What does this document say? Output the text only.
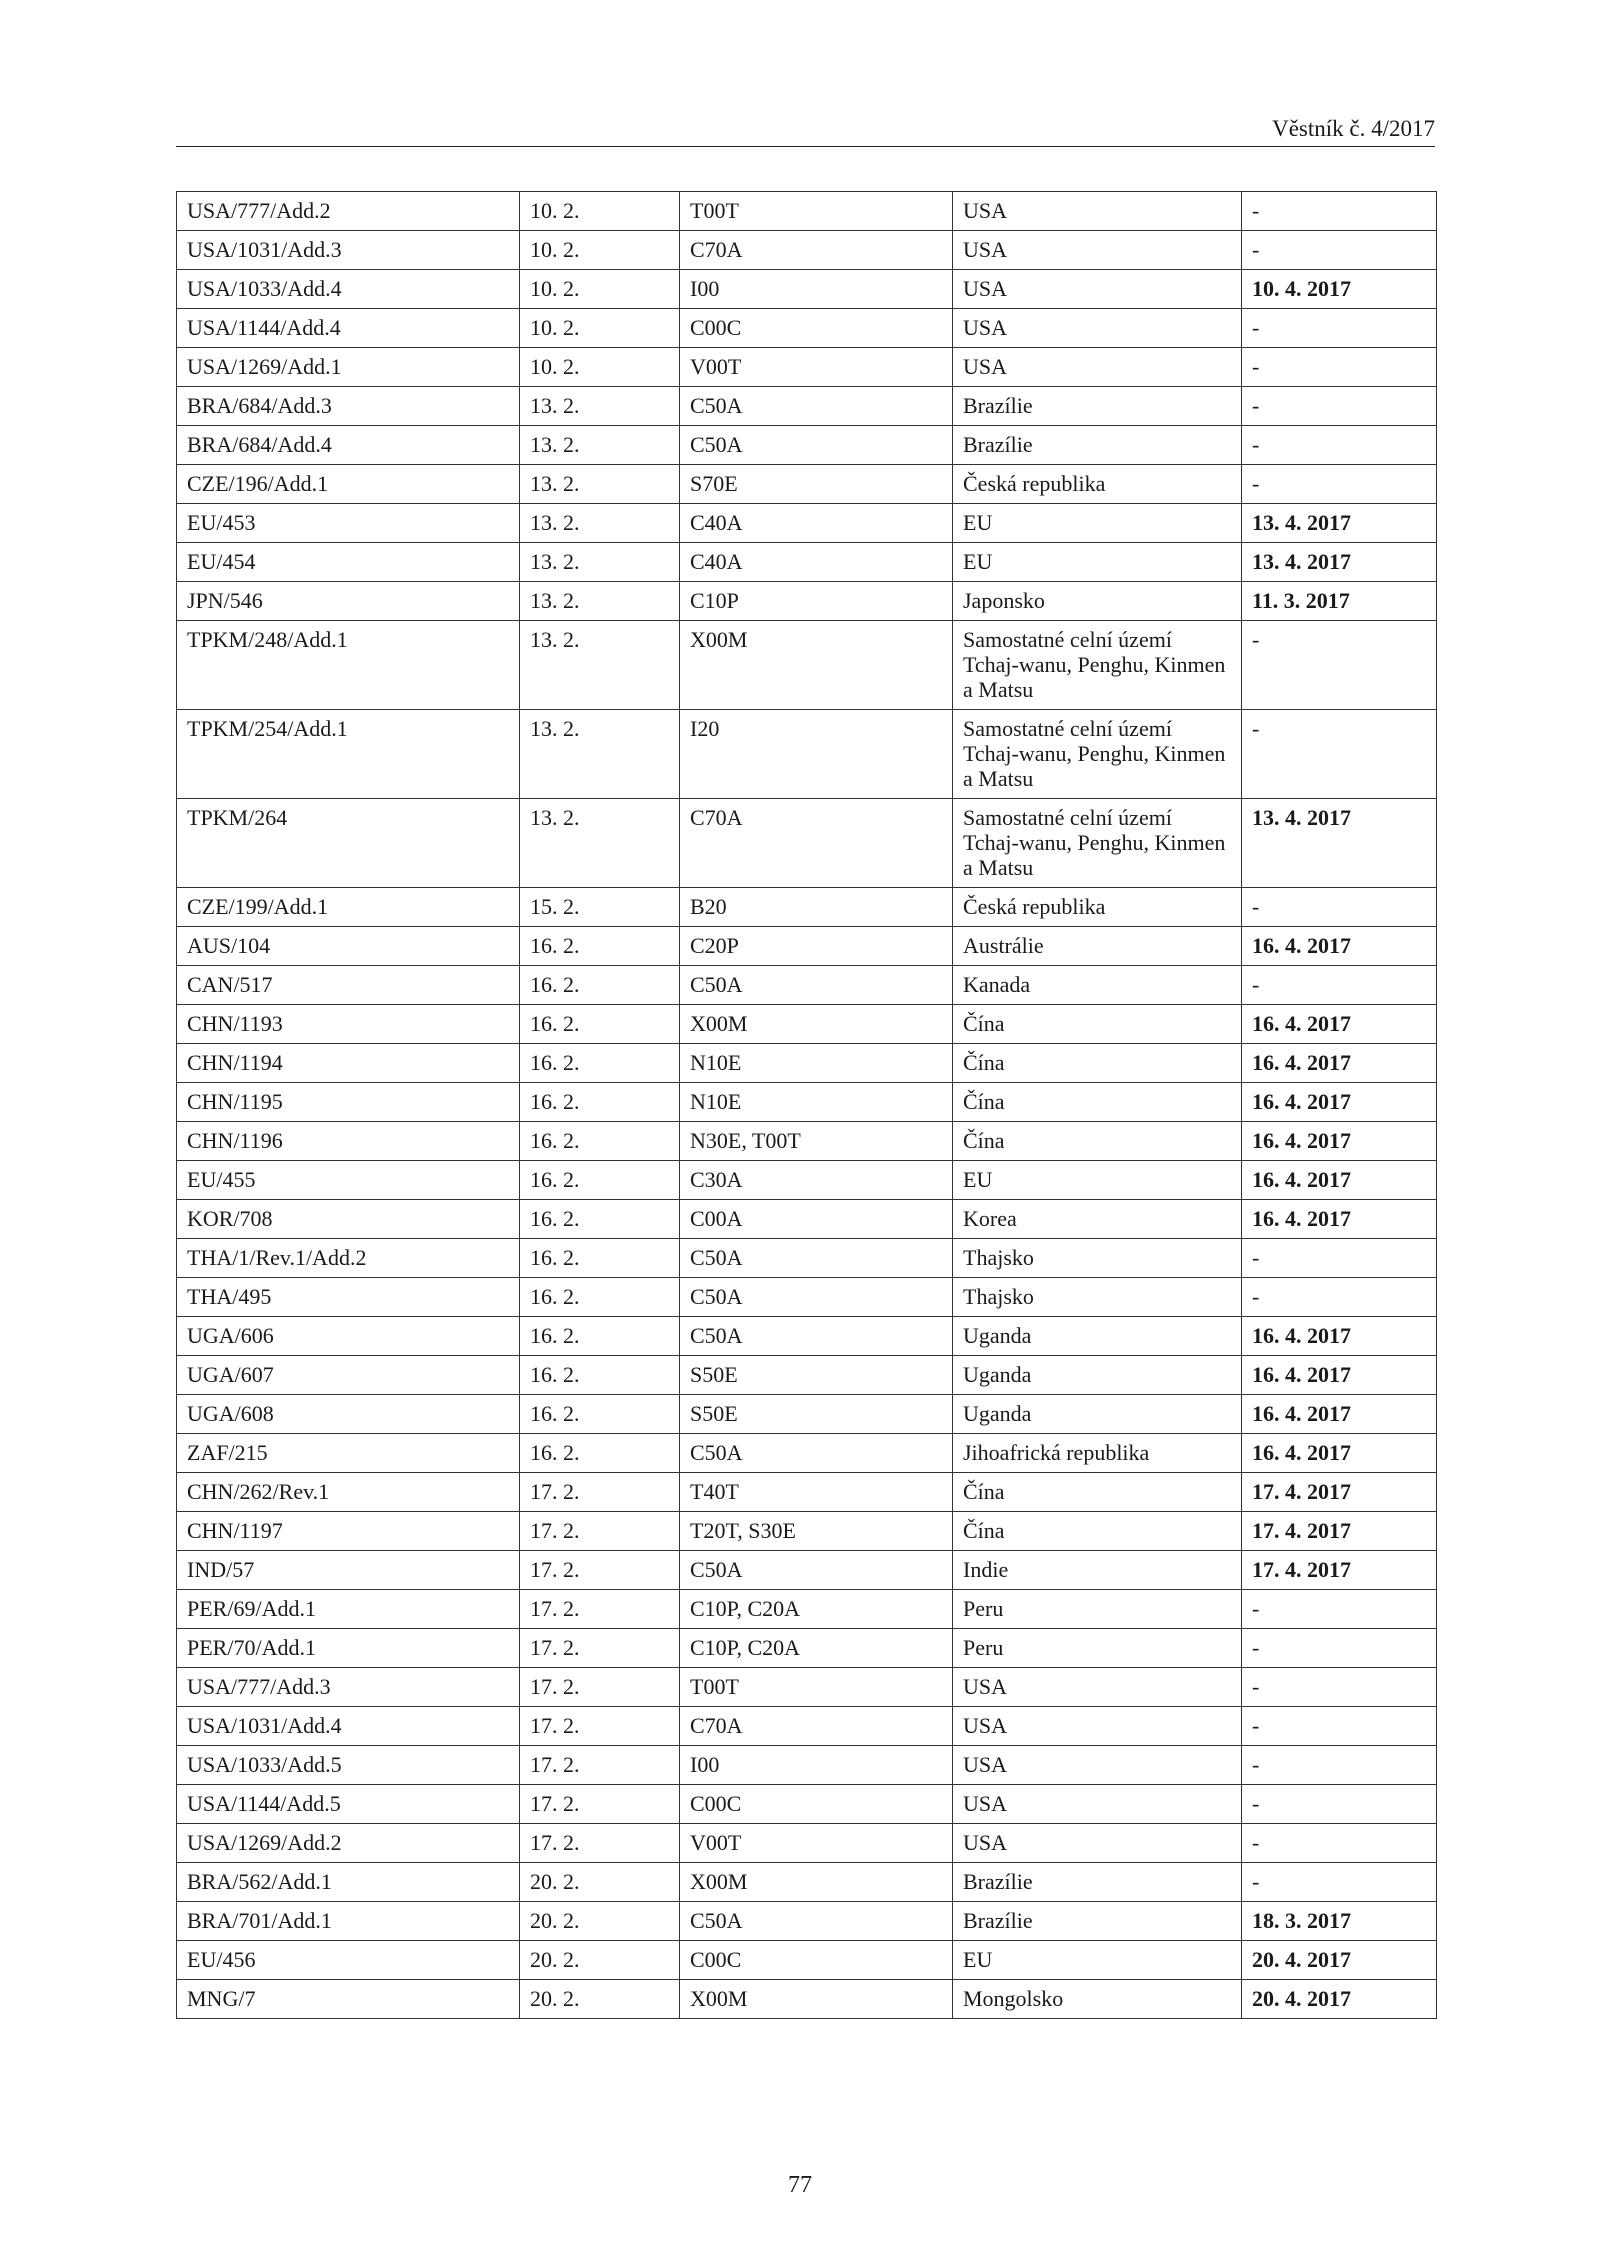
Věstník č. 4/2017
USA/777/Add.2	10. 2.	T00T	USA	-
USA/1031/Add.3	10. 2.	C70A	USA	-
USA/1033/Add.4	10. 2.	I00	USA	10. 4. 2017
USA/1144/Add.4	10. 2.	C00C	USA	-
USA/1269/Add.1	10. 2.	V00T	USA	-
BRA/684/Add.3	13. 2.	C50A	Brazílie	-
BRA/684/Add.4	13. 2.	C50A	Brazílie	-
CZE/196/Add.1	13. 2.	S70E	Česká republika	-
EU/453	13. 2.	C40A	EU	13. 4. 2017
EU/454	13. 2.	C40A	EU	13. 4. 2017
JPN/546	13. 2.	C10P	Japonsko	11. 3. 2017
TPKM/248/Add.1	13. 2.	X00M	Samostatné celní území Tchaj-wanu, Penghu, Kinmen a Matsu	-
TPKM/254/Add.1	13. 2.	I20	Samostatné celní území Tchaj-wanu, Penghu, Kinmen a Matsu	-
TPKM/264	13. 2.	C70A	Samostatné celní území Tchaj-wanu, Penghu, Kinmen a Matsu	13. 4. 2017
CZE/199/Add.1	15. 2.	B20	Česká republika	-
AUS/104	16. 2.	C20P	Austrálie	16. 4. 2017
CAN/517	16. 2.	C50A	Kanada	-
CHN/1193	16. 2.	X00M	Čína	16. 4. 2017
CHN/1194	16. 2.	N10E	Čína	16. 4. 2017
CHN/1195	16. 2.	N10E	Čína	16. 4. 2017
CHN/1196	16. 2.	N30E, T00T	Čína	16. 4. 2017
EU/455	16. 2.	C30A	EU	16. 4. 2017
KOR/708	16. 2.	C00A	Korea	16. 4. 2017
THA/1/Rev.1/Add.2	16. 2.	C50A	Thajsko	-
THA/495	16. 2.	C50A	Thajsko	-
UGA/606	16. 2.	C50A	Uganda	16. 4. 2017
UGA/607	16. 2.	S50E	Uganda	16. 4. 2017
UGA/608	16. 2.	S50E	Uganda	16. 4. 2017
ZAF/215	16. 2.	C50A	Jihoafrická republika	16. 4. 2017
CHN/262/Rev.1	17. 2.	T40T	Čína	17. 4. 2017
CHN/1197	17. 2.	T20T, S30E	Čína	17. 4. 2017
IND/57	17. 2.	C50A	Indie	17. 4. 2017
PER/69/Add.1	17. 2.	C10P, C20A	Peru	-
PER/70/Add.1	17. 2.	C10P, C20A	Peru	-
USA/777/Add.3	17. 2.	T00T	USA	-
USA/1031/Add.4	17. 2.	C70A	USA	-
USA/1033/Add.5	17. 2.	I00	USA	-
USA/1144/Add.5	17. 2.	C00C	USA	-
USA/1269/Add.2	17. 2.	V00T	USA	-
BRA/562/Add.1	20. 2.	X00M	Brazílie	-
BRA/701/Add.1	20. 2.	C50A	Brazílie	18. 3. 2017
EU/456	20. 2.	C00C	EU	20. 4. 2017
MNG/7	20. 2.	X00M	Mongolsko	20. 4. 2017
77
